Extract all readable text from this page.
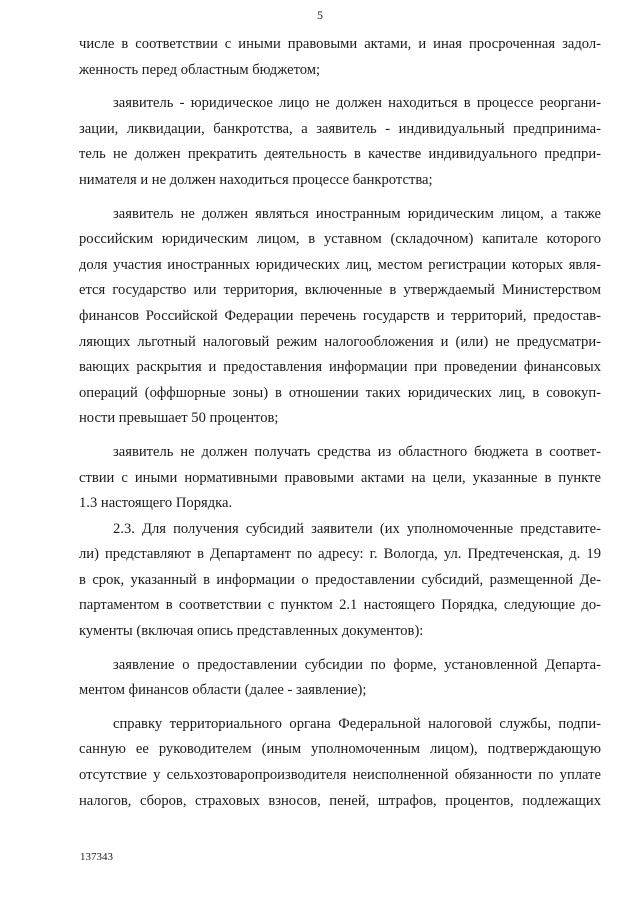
5
числе в соответствии с иными правовыми актами, и иная просроченная задол-
женность перед областным бюджетом;
заявитель - юридическое лицо не должен находиться в процессе реоргани-
зации, ликвидации, банкротства, а заявитель - индивидуальный предпринима-
тель не должен прекратить деятельность в качестве индивидуального предпри-
нимателя и не должен находиться процессе банкротства;
заявитель не должен являться иностранным юридическим лицом, а также
российским юридическим лицом, в уставном (складочном) капитале которого
доля участия иностранных юридических лиц, местом регистрации которых явля-
ется государство или территория, включенные в утверждаемый Министерством
финансов Российской Федерации перечень государств и территорий, предостав-
ляющих льготный налоговый режим налогообложения и (или) не предусматри-
вающих раскрытия и предоставления информации при проведении финансовых
операций (оффшорные зоны) в отношении таких юридических лиц, в совокуп-
ности превышает 50 процентов;
заявитель не должен получать средства из областного бюджета в соответ-
ствии с иными нормативными правовыми актами на цели, указанные в пункте
1.3 настоящего Порядка.
2.3. Для получения субсидий заявители (их уполномоченные представите-
ли) представляют в Департамент по адресу: г. Вологда, ул. Предтеченская, д. 19
в срок, указанный в информации о предоставлении субсидий, размещенной Де-
партаментом в соответствии с пунктом 2.1 настоящего Порядка, следующие до-
кументы (включая опись представленных документов):
заявление о предоставлении субсидии по форме, установленной Департа-
ментом финансов области (далее - заявление);
справку территориального органа Федеральной налоговой службы, подпи-
санную ее руководителем (иным уполномоченным лицом), подтверждающую
отсутствие у сельхозтоваропроизводителя неисполненной обязанности по уплате
налогов, сборов, страховых взносов, пеней, штрафов, процентов, подлежащих
137343
